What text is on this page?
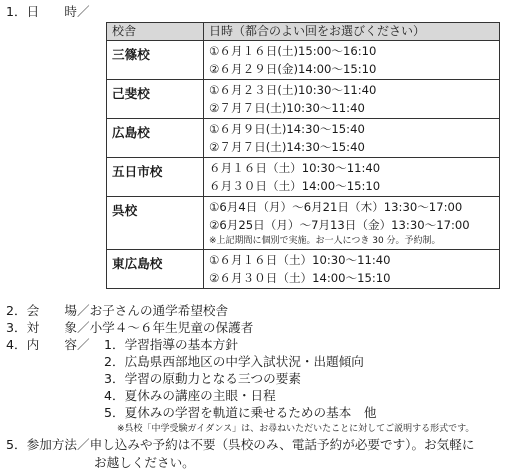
1．日　　時／
校舎	日時（都合のよい回をお選びください）
三篠校	①６月１６日(土)15:00～16:10
②６月２９日(金)14:00～15:10

己斐校	①６月２３日(土)10:30～11:40
②７月７日(土)10:30～11:40

広島校	①６月９日(土)14:30～15:40
②７月７日(土)14:30～15:40

五日市校	６月１６日（土）10:30～11:40
６月３０日（土）14:00～15:10

呉校	①6月4日（月）～6月21日（木）13:30～17:00
②6月25日（月）～7月13日（金）13:30～17:00
※上記期間に個別で実施。お一人につき 30 分。予約制。

東広島校	①６月１６日（土）10:30～11:40
②６月３０日（土）14:00～15:10
2．会　　場／お子さんの通学希望校舎
3．対　　象／小学４～６年生児童の保護者
4．内　　容／ 1．学習指導の基本方針
2．広島県西部地区の中学入試状況・出題傾向
3．学習の原動力となる三つの要素
4．夏休みの講座の主眼・日程
5．夏休みの学習を軌道に乗せるための基本　他
※呉校「中学受験ガイダンス」は、お尋ねいただいたことに対してご説明する形式です。
5．参加方法／申し込みや予約は不要（呉校のみ、電話予約が必要です）。お気軽に
お越しください。
